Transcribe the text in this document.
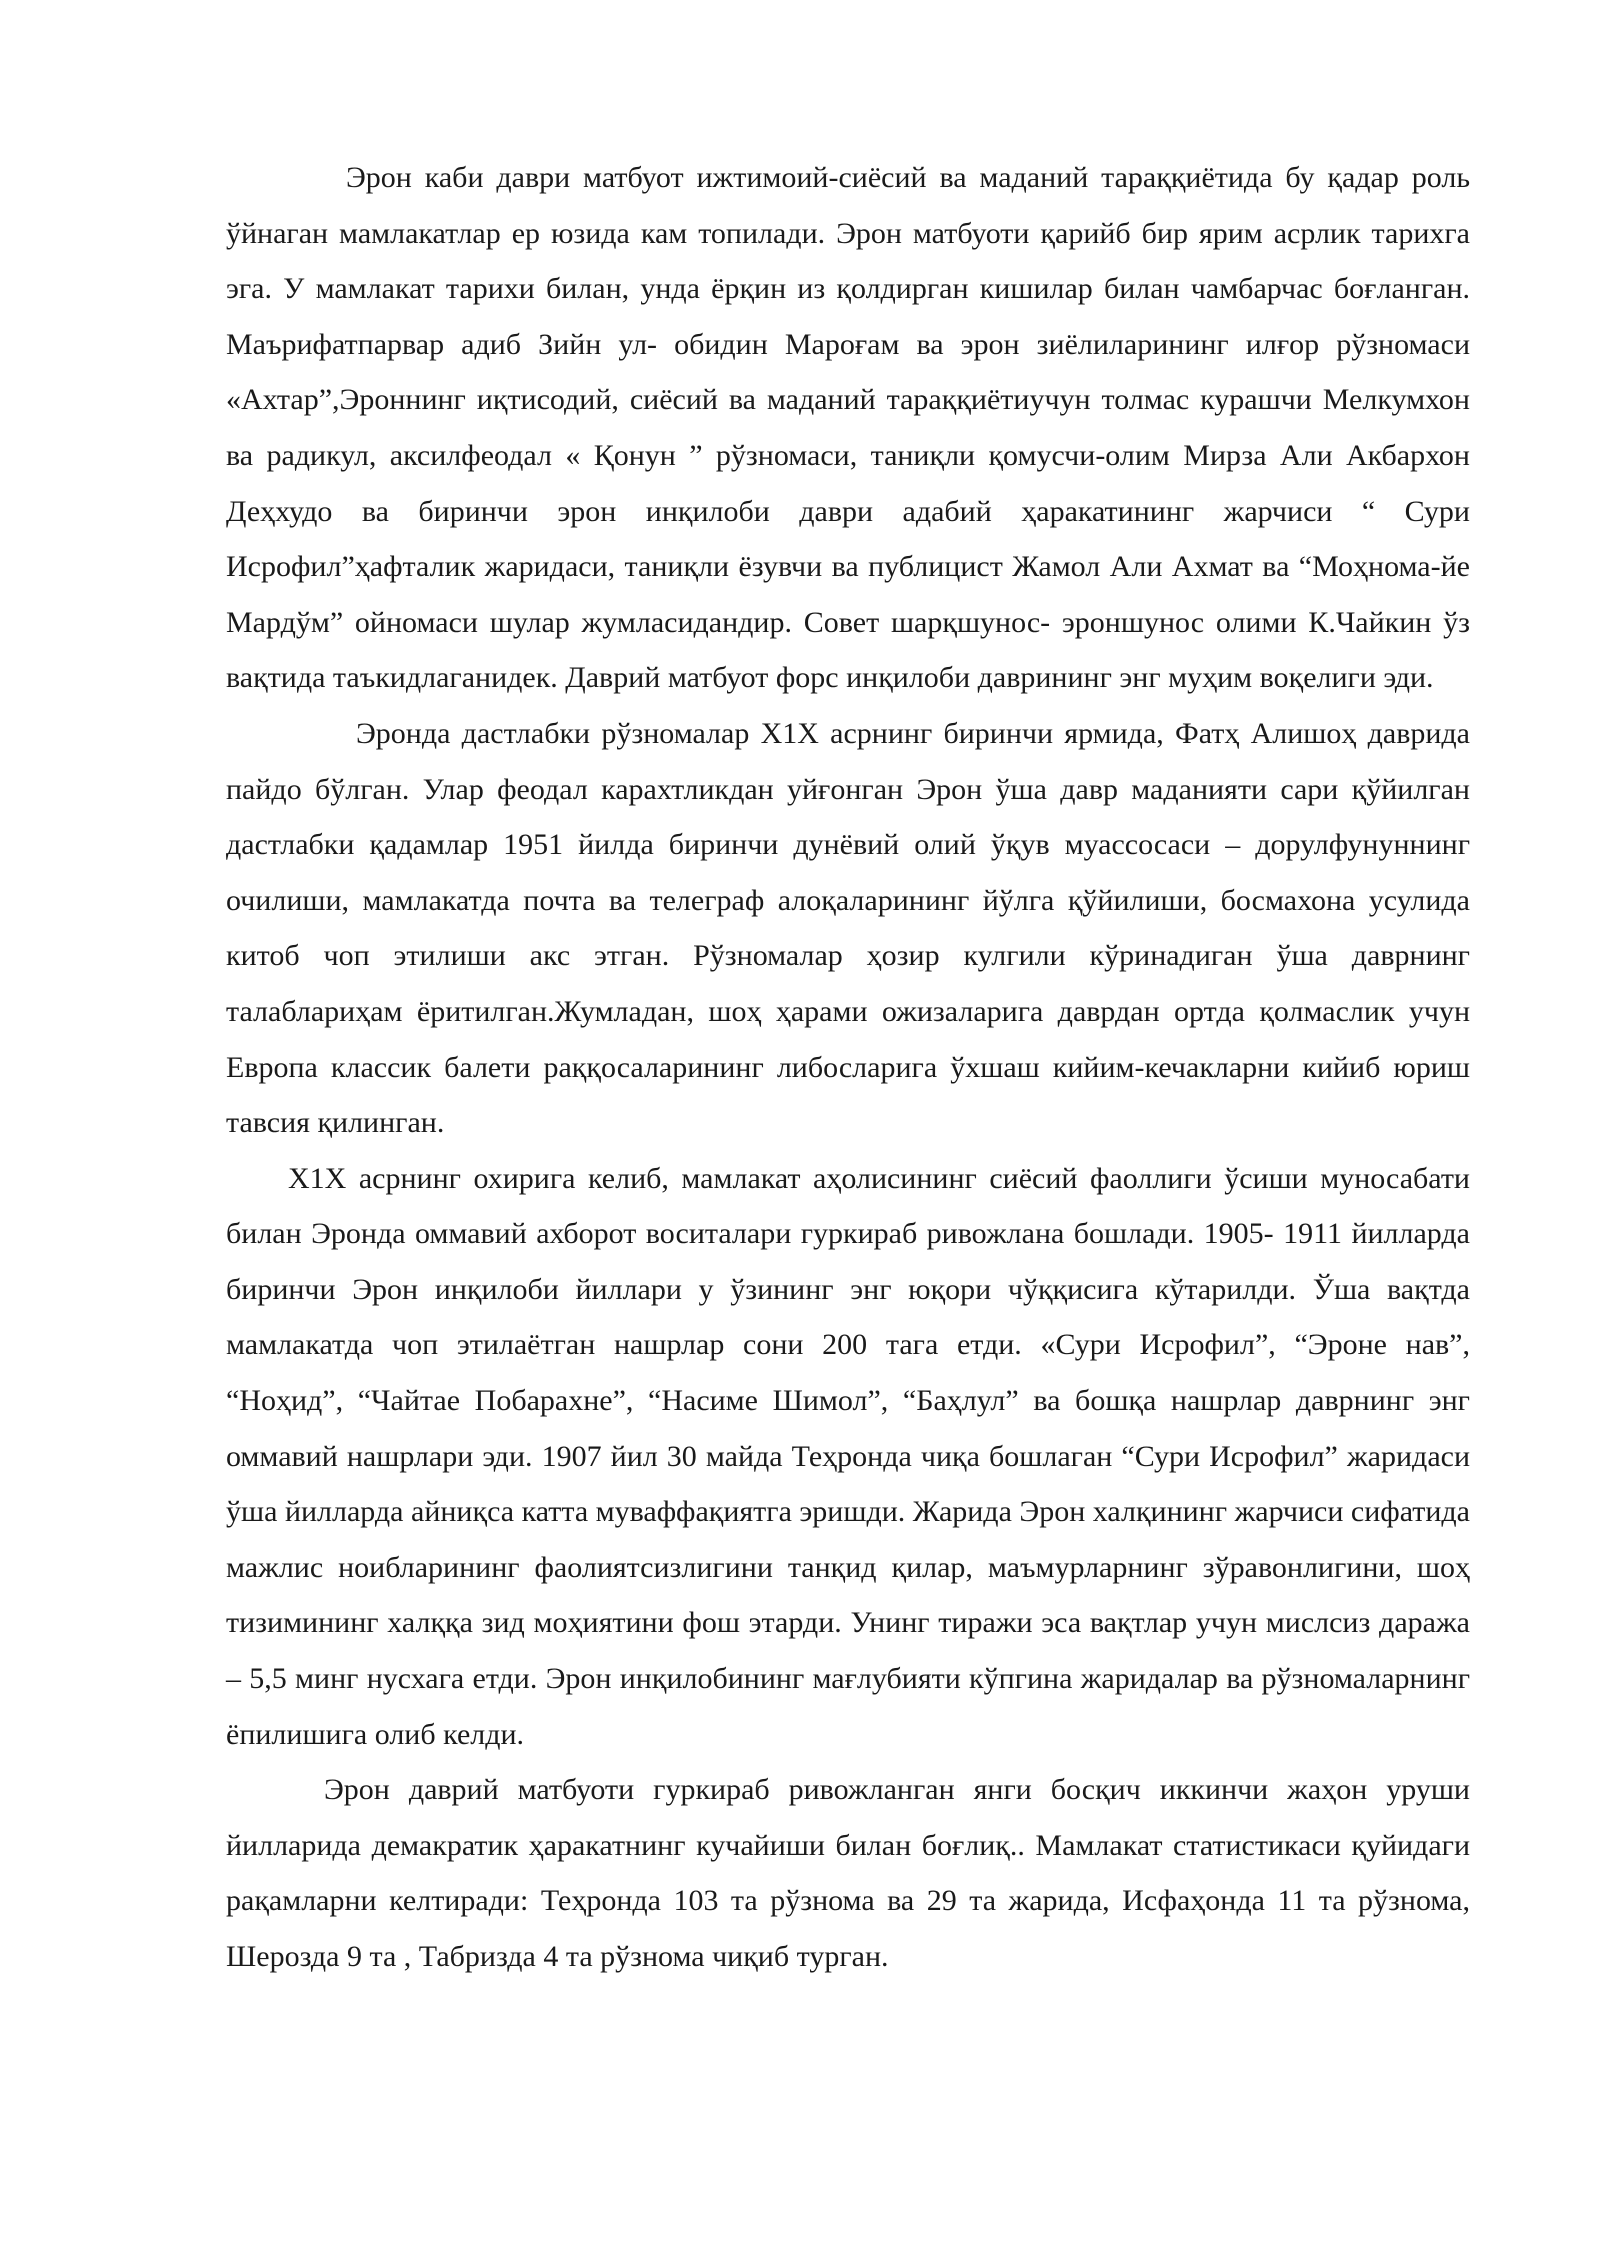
Эрон каби даври матбуот ижтимоий-сиёсий ва маданий тараққиётида бу қадар роль ўйнаган мамлакатлар ер юзида кам топилади. Эрон матбуоти қарийб бир ярим асрлик тарихга эга. У мамлакат тарихи билан, унда ёрқин из қолдирган кишилар билан чамбарчас боғланган. Маърифатпарвар адиб Зийн ул- обидин Марoғам ва эрон зиёлиларининг илғор рўзномаси «Ахтар”,Эроннинг иқтисодий, сиёсий ва маданий тараққиётиучун толмас курашчи Мелкумхон ва радикул, аксилфеодал « Қонун ” рўзномаси, таниқли қомусчи-олим Мирза Али Акбархон Деҳхудо ва биринчи эрон инқилоби даври адабий ҳаракатининг жарчиси “ Сури Исрофил”ҳафталик жаридаси, таниқли ёзувчи ва публицист Жамол Али Ахмат ва “Моҳнома-йе Мардўм” ойномаси шулар жумласидандир. Совет шарқшунос- эроншунос олими К.Чайкин ўз вақтида таъкидлаганидек. Даврий матбуот форс инқилоби даврининг энг муҳим воқелиги эди.

Эронда дастлабки рўзномалар Х1Х асрнинг биринчи ярмида, Фатҳ Алишоҳ даврида пайдо бўлган. Улар феодал карахтликдан уйғонган Эрон ўша давр маданияти сари қўйилган дастлабки қадамлар 1951 йилда биринчи дунёвий олий ўқув муассосаси – дорулфунуннинг очилиши, мамлакатда почта ва телеграф алоқаларининг йўлга қўйилиши, босмахона усулида китоб чоп этилиши акс этган. Рўзномалар ҳозир кулгили кўринадиган ўша даврнинг талаблариҳам ёритилган.Жумладан, шоҳ ҳарами ожизаларига даврдан ортда қолмаслик учун Европа классик балети раққосаларининг либосларига ўхшаш кийим-кечакларни кийиб юриш тавсия қилинган.

Х1Х асрнинг охирига келиб, мамлакат аҳолисининг сиёсий фаоллиги ўсиши муносабати билан Эронда оммавий ахборот воситалари гуркираб ривожлана бошлади. 1905- 1911 йилларда биринчи Эрон инқилоби йиллари у ўзининг энг юқори чўққисига кўтарилди. Ўша вақтда мамлакатда чоп этилаётган нашрлар сони 200 тага етди. «Сури Исрофил”, “Эроне нав”, “Ноҳид”, “Чайтае Побарахне”, “Насиме Шимол”, “Баҳлул” ва бошқа нашрлар даврнинг энг оммавий нашрлари эди. 1907 йил 30 майда Теҳронда чиқа бошлаган “Сури Исрофил” жаридаси ўша йилларда айниқса катта муваффақиятга эришди. Жарида Эрон халқининг жарчиси сифатида мажлис ноибларининг фаолиятсизлигини танқид қилар, маъмурларнинг зўравонлигини, шоҳ тизимининг халққа зид моҳиятини фош этарди. Унинг тиражи эса вақтлар учун мислсиз даража – 5,5 минг нусхага етди. Эрон инқилобининг мағлубияти кўпгина жаридалар ва рўзномаларнинг ёпилишига олиб келди.

Эрон даврий матбуоти гуркираб ривожланган янги босқич иккинчи жаҳон уруши йилларида демакратик ҳаракатнинг кучайиши билан боғлиқ.. Мамлакат статистикаси қуйидаги рақамларни келтиради: Теҳронда 103 та рўзнома ва 29 та жарида, Исфаҳонда 11 та рўзнома, Шерозда 9 та , Табризда 4 та рўзнома чиқиб турган.
